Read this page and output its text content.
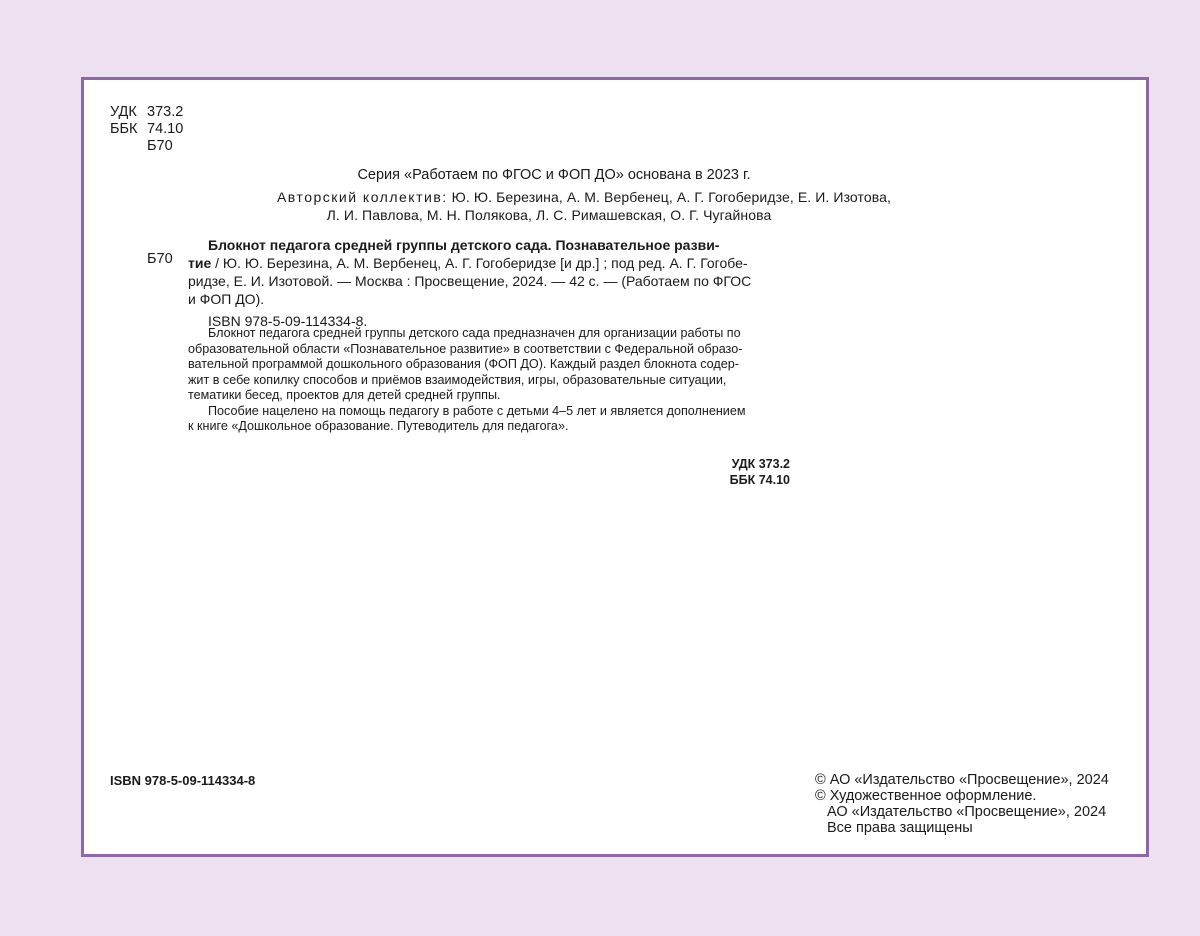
УДК 373.2
ББК 74.10
Б70
Серия «Работаем по ФГОС и ФОП ДО» основана в 2023 г.
Авторский коллектив: Ю. Ю. Березина, А. М. Вербенец, А. Г. Гогоберидзе, Е. И. Изотова,
Л. И. Павлова, М. Н. Полякова, Л. С. Римашевская, О. Г. Чугайнова
Б70
Блокнот педагога средней группы детского сада. Познавательное разви-
тие / Ю. Ю. Березина, А. М. Вербенец, А. Г. Гогоберидзе [и др.] ; под ред. А. Г. Гогобе-
ридзе, Е. И. Изотовой. — Москва : Просвещение, 2024. — 42 с. — (Работаем по ФГОС
и ФОП ДО).
ISBN 978-5-09-114334-8.
Блокнот педагога средней группы детского сада предназначен для организации работы по
образовательной области «Познавательное развитие» в соответствии с Федеральной образо-
вательной программой дошкольного образования (ФОП ДО). Каждый раздел блокнота содер-
жит в себе копилку способов и приёмов взаимодействия, игры, образовательные ситуации,
тематики бесед, проектов для детей средней группы.
Пособие нацелено на помощь педагогу в работе с детьми 4–5 лет и является дополнением
к книге «Дошкольное образование. Путеводитель для педагога».
УДК 373.2
ББК 74.10
ISBN 978-5-09-114334-8	© АО «Издательство «Просвещение», 2024
© Художественное оформление.
АО «Издательство «Просвещение», 2024
Все права защищены
